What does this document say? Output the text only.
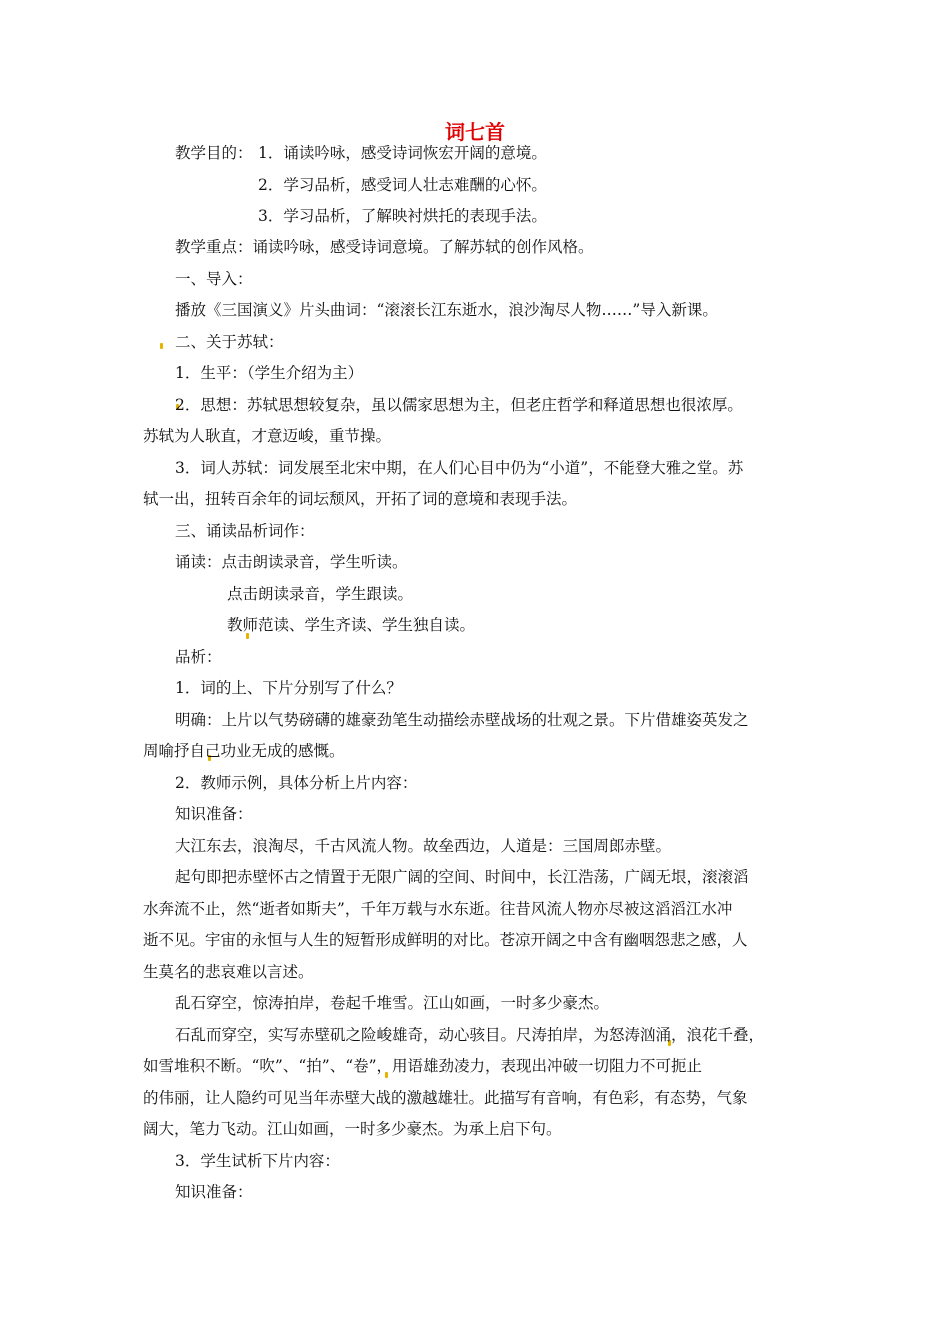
词七首
教学目的： 1．诵读吟咏，感受诗词恢宏开阔的意境。
2．学习品析，感受词人壮志难酬的心怀。
3．学习品析，了解映衬烘托的表现手法。
教学重点：诵读吟咏，感受诗词意境。了解苏轼的创作风格。
一、导入：
播放《三国演义》片头曲词：“滚滚长江东逝水，浪沙淘尽人物……”导入新课。
二、关于苏轼：
1．生平：（学生介绍为主）
2．思想：苏轼思想较复杂，虽以儒家思想为主，但老庄哲学和释道思想也很浓厚。
苏轼为人耿直，才意迈峻，重节操。
3．词人苏轼：词发展至北宋中期，在人们心目中仍为“小道”，不能登大雅之堂。苏
轼一出，扭转百余年的词坛颓风，开拓了词的意境和表现手法。
三、诵读品析词作：
诵读：点击朗读录音，学生听读。
点击朗读录音，学生跟读。
教师范读、学生齐读、学生独自读。
品析：
1．词的上、下片分别写了什么？
明确：上片以气势磅礴的雄豪劲笔生动描绘赤壁战场的壮观之景。下片借雄姿英发之
周喻抒自己功业无成的感慨。
2．教师示例，具体分析上片内容：
知识准备：
大江东去，浪淘尽，千古风流人物。故垒西边，人道是：三国周郎赤壁。
起句即把赤壁怀古之情置于无限广阔的空间、时间中，长江浩荡，广阔无垠，滚滚滔
水奔流不止，然“逝者如斯夫”，千年万载与水东逝。往昔风流人物亦尽被这滔滔江水冲
逝不见。宇宙的永恒与人生的短暂形成鲜明的对比。苍凉开阔之中含有幽咽怨悲之感，人
生莫名的悲哀难以言述。
乱石穿空，惊涛拍岸，卷起千堆雪。江山如画，一时多少豪杰。
石乱而穿空，实写赤壁矶之险峻雄奇，动心骇目。尺涛拍岸，为怒涛汹涌，浪花千叠，
如雪堆积不断。“吹”、“拍”、“卷”，用语雄劲凌力，表现出冲破一切阻力不可扼止
的伟丽，让人隐约可见当年赤壁大战的激越雄壮。此描写有音响，有色彩，有态势，气象
阔大，笔力飞动。江山如画，一时多少豪杰。为承上启下句。
3．学生试析下片内容：
知识准备：
